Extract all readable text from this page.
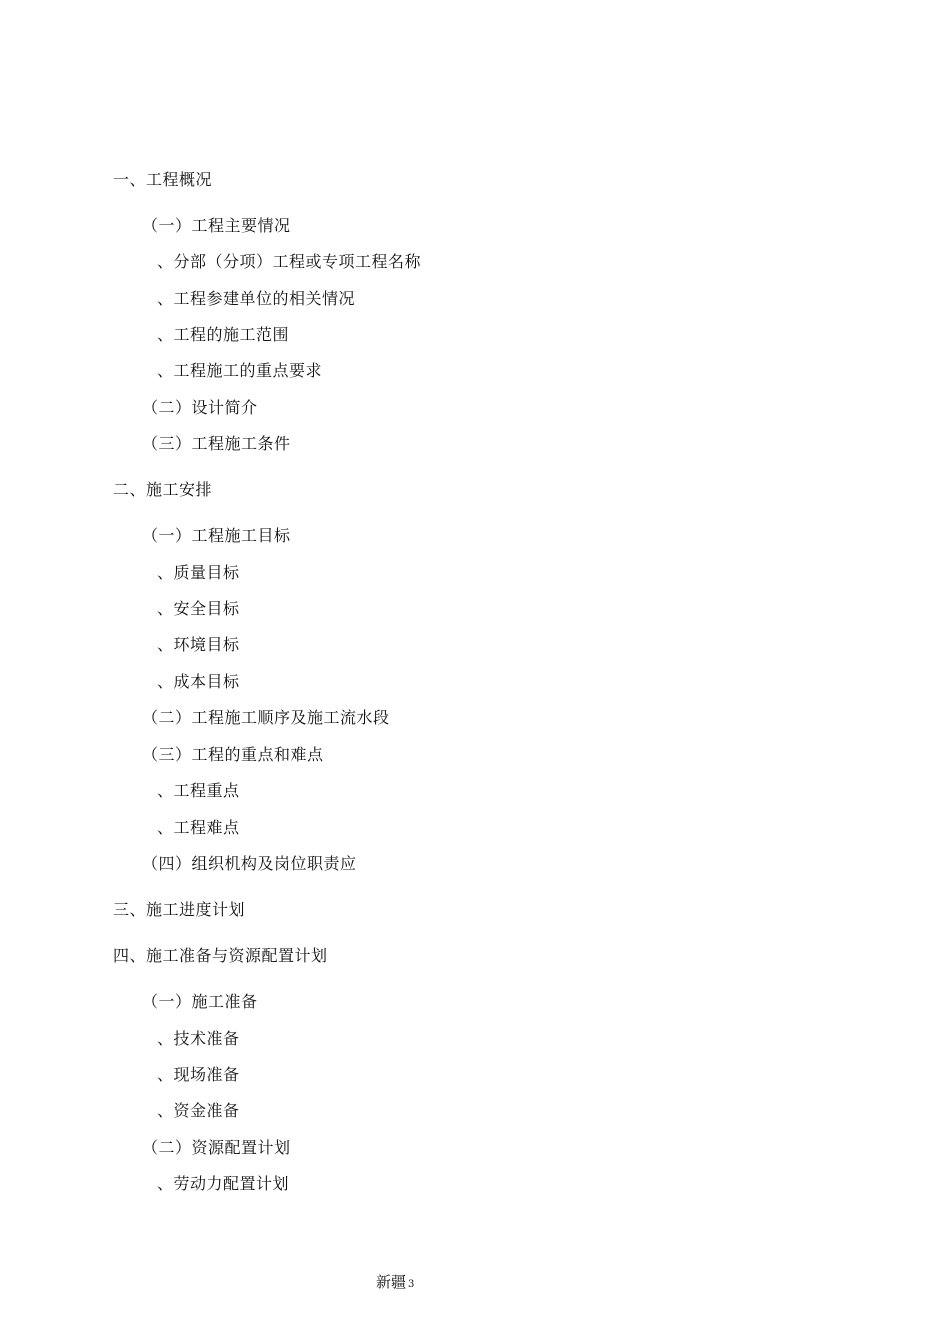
一、工程概况
（一）工程主要情况
、分部（分项）工程或专项工程名称
、工程参建单位的相关情况
、工程的施工范围
、工程施工的重点要求
（二）设计简介
（三）工程施工条件
二、施工安排
（一）工程施工目标
、质量目标
、安全目标
、环境目标
、成本目标
（二）工程施工顺序及施工流水段
（三）工程的重点和难点
、工程重点
、工程难点
（四）组织机构及岗位职责应
三、施工进度计划
四、施工准备与资源配置计划
（一）施工准备
、技术准备
、现场准备
、资金准备
（二）资源配置计划
、劳动力配置计划
新疆 3
